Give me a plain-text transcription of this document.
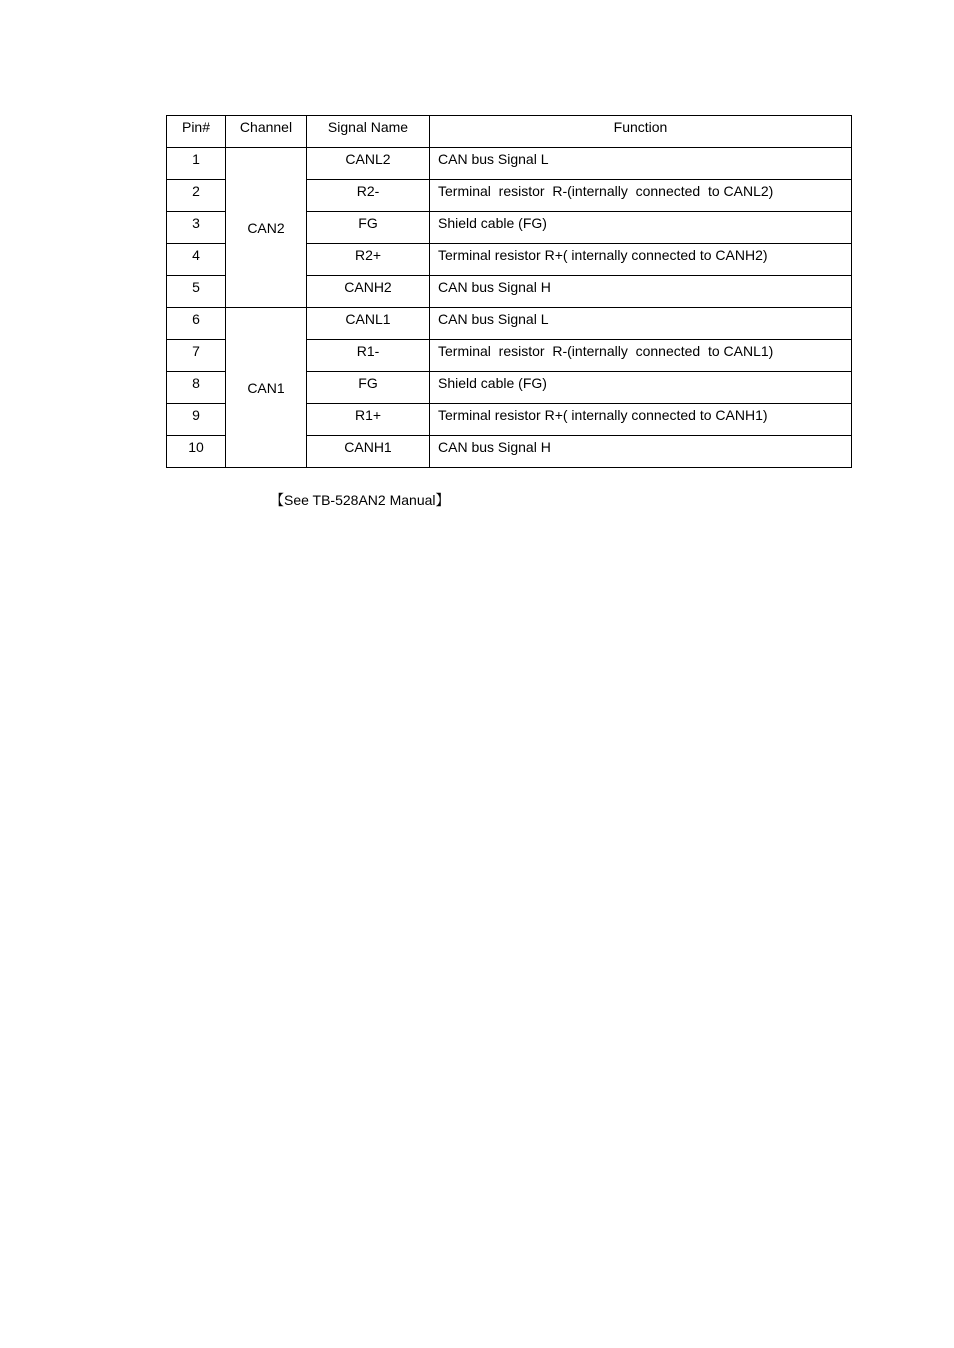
Pin#	Channel	Signal Name	Function
1	CAN2	CANL2	CAN bus Signal L
2		R2-	Terminal  resistor  R-(internally  connected  to CANL2)
3		FG	Shield cable (FG)
4		R2+	Terminal resistor R+( internally connected to CANH2)
5		CANH2	CAN bus Signal H
6	CAN1	CANL1	CAN bus Signal L
7		R1-	Terminal  resistor  R-(internally  connected  to CANL1)
8		FG	Shield cable (FG)
9		R1+	Terminal resistor R+( internally connected to CANH1)
10		CANH1	CAN bus Signal H
【See TB-528AN2 Manual】
